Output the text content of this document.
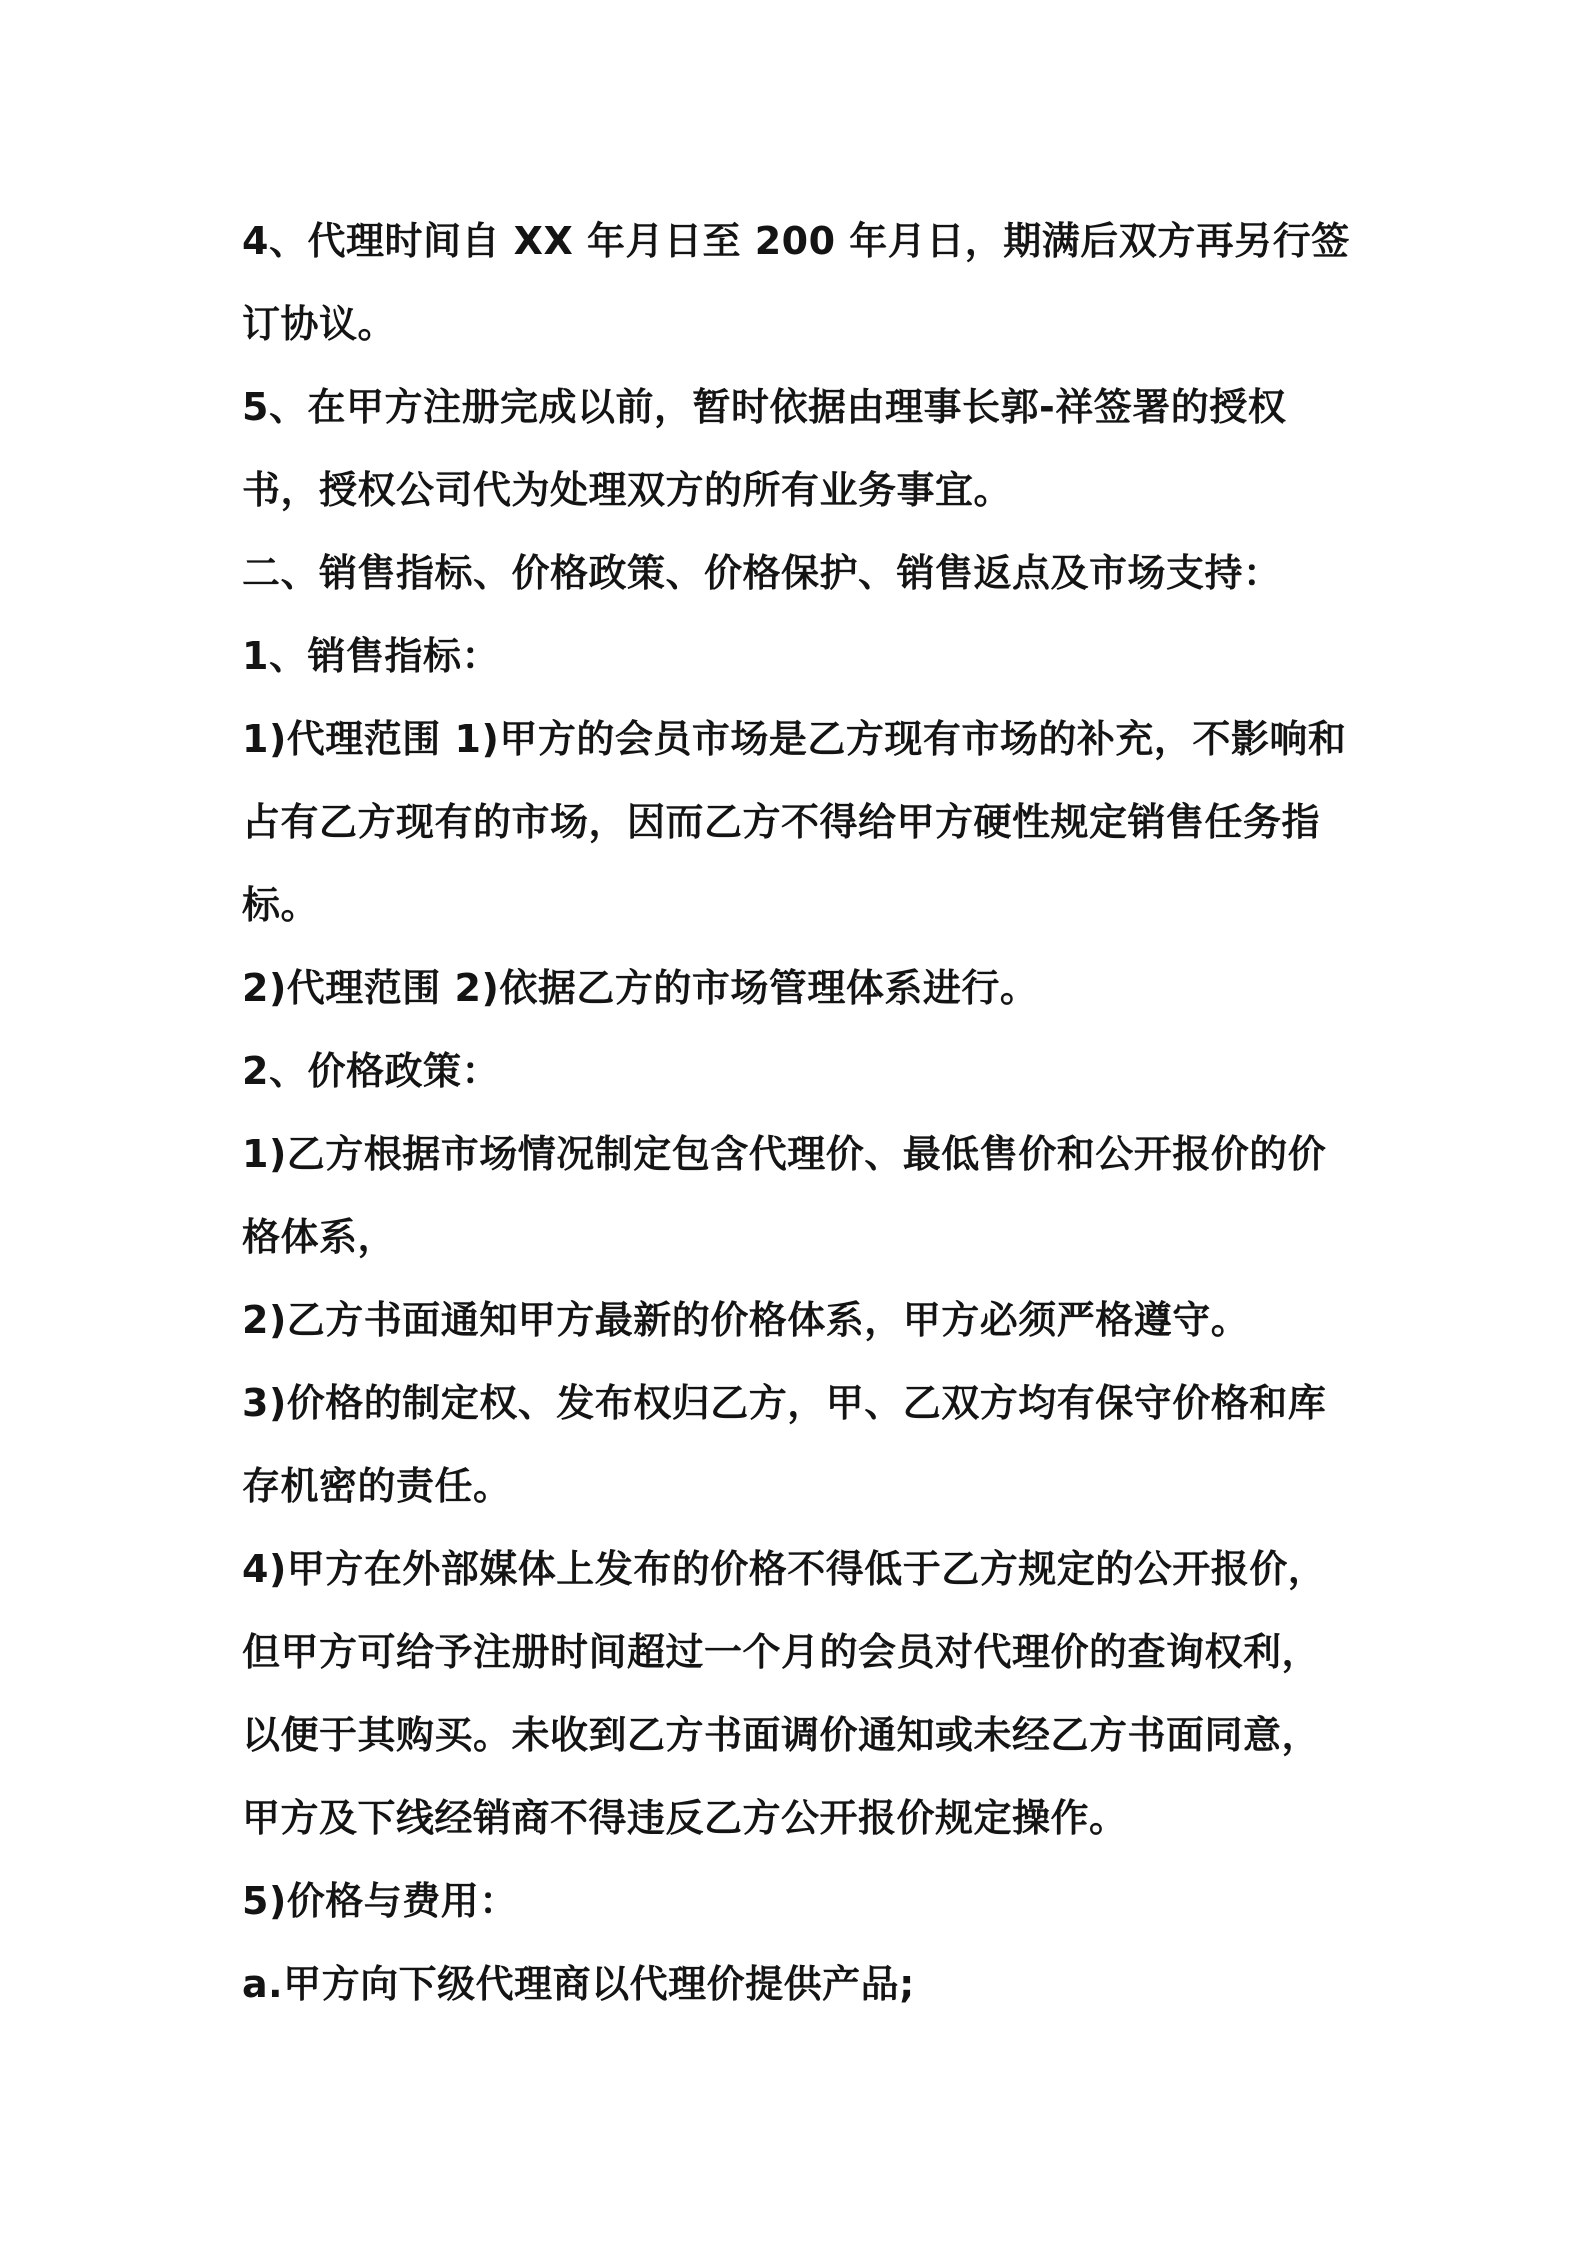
4、代理时间自 XX 年月日至 200 年月日，期满后双方再另行签订协议。

5、在甲方注册完成以前，暂时依据由理事长郭-祥签署的授权书，授权公司代为处理双方的所有业务事宜。

二、销售指标、价格政策、价格保护、销售返点及市场支持：

1、销售指标：

1)代理范围 1)甲方的会员市场是乙方现有市场的补充，不影响和占有乙方现有的市场，因而乙方不得给甲方硬性规定销售任务指标。

2)代理范围 2)依据乙方的市场管理体系进行。

2、价格政策：

1)乙方根据市场情况制定包含代理价、最低售价和公开报价的价格体系，

2)乙方书面通知甲方最新的价格体系，甲方必须严格遵守。

3)价格的制定权、发布权归乙方，甲、乙双方均有保守价格和库存机密的责任。

4)甲方在外部媒体上发布的价格不得低于乙方规定的公开报价，但甲方可给予注册时间超过一个月的会员对代理价的查询权利，以便于其购买。未收到乙方书面调价通知或未经乙方书面同意，甲方及下线经销商不得违反乙方公开报价规定操作。

5)价格与费用：

a.甲方向下级代理商以代理价提供产品;
